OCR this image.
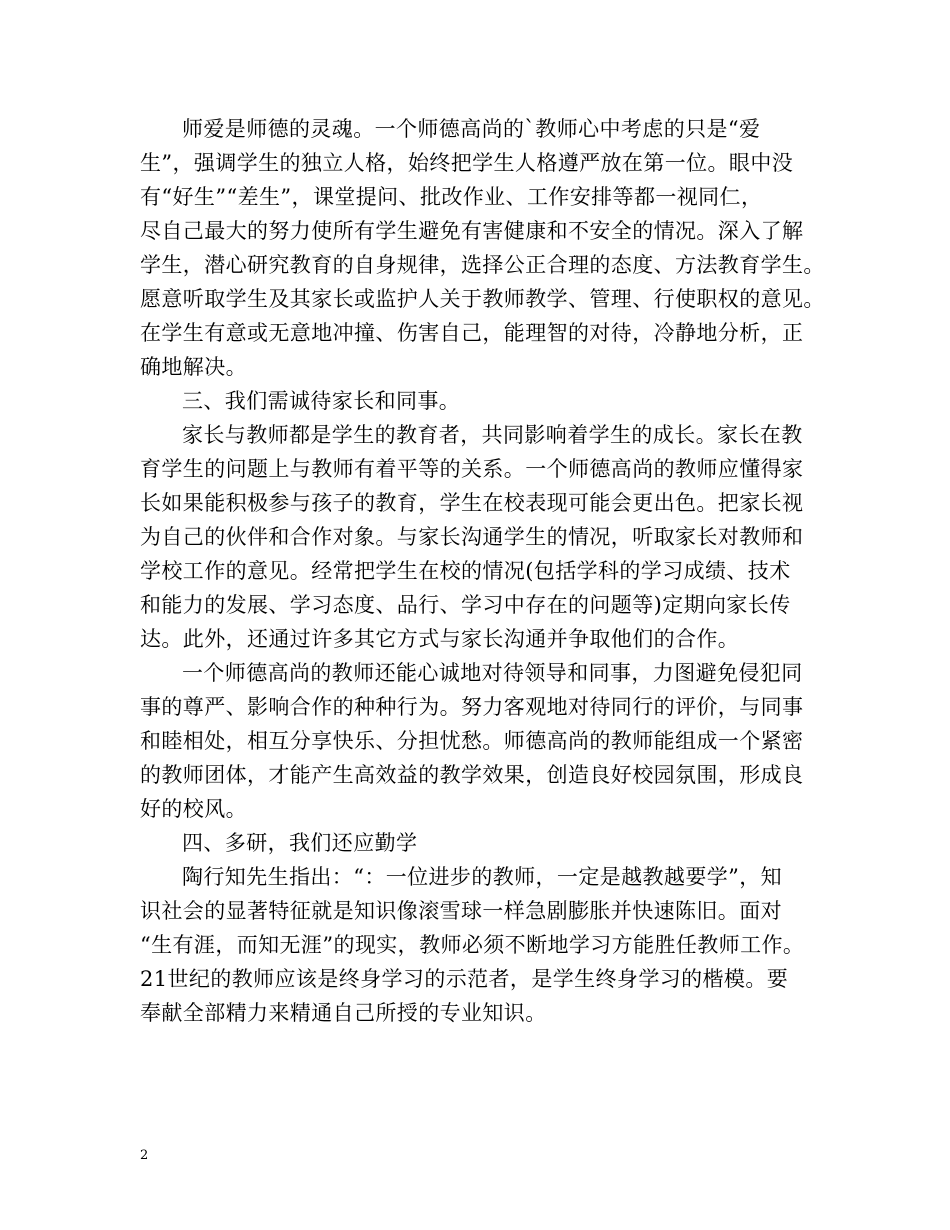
师爱是师德的灵魂。一个师德高尚的`教师心中考虑的只是“爱
生”，强调学生的独立人格，始终把学生人格遵严放在第一位。眼中没
有“好生”“差生”，课堂提问、批改作业、工作安排等都一视同仁，
尽自己最大的努力使所有学生避免有害健康和不安全的情况。深入了解
学生，潜心研究教育的自身规律，选择公正合理的态度、方法教育学生。
愿意听取学生及其家长或监护人关于教师教学、管理、行使职权的意见。
在学生有意或无意地冲撞、伤害自己，能理智的对待，冷静地分析，正
确地解决。
三、我们需诚待家长和同事。
家长与教师都是学生的教育者，共同影响着学生的成长。家长在教
育学生的问题上与教师有着平等的关系。一个师德高尚的教师应懂得家
长如果能积极参与孩子的教育，学生在校表现可能会更出色。把家长视
为自己的伙伴和合作对象。与家长沟通学生的情况，听取家长对教师和
学校工作的意见。经常把学生在校的情况(包括学科的学习成绩、技术
和能力的发展、学习态度、品行、学习中存在的问题等)定期向家长传
达。此外，还通过许多其它方式与家长沟通并争取他们的合作。
一个师德高尚的教师还能心诚地对待领导和同事，力图避免侵犯同
事的尊严、影响合作的种种行为。努力客观地对待同行的评价，与同事
和睦相处，相互分享快乐、分担忧愁。师德高尚的教师能组成一个紧密
的教师团体，才能产生高效益的教学效果，创造良好校园氛围，形成良
好的校风。
四、多研，我们还应勤学
陶行知先生指出：“：一位进步的教师，一定是越教越要学”，知
识社会的显著特征就是知识像滚雪球一样急剧膨胀并快速陈旧。面对
“生有涯，而知无涯”的现实，教师必须不断地学习方能胜任教师工作。
21世纪的教师应该是终身学习的示范者，是学生终身学习的楷模。要
奉献全部精力来精通自己所授的专业知识。
2
